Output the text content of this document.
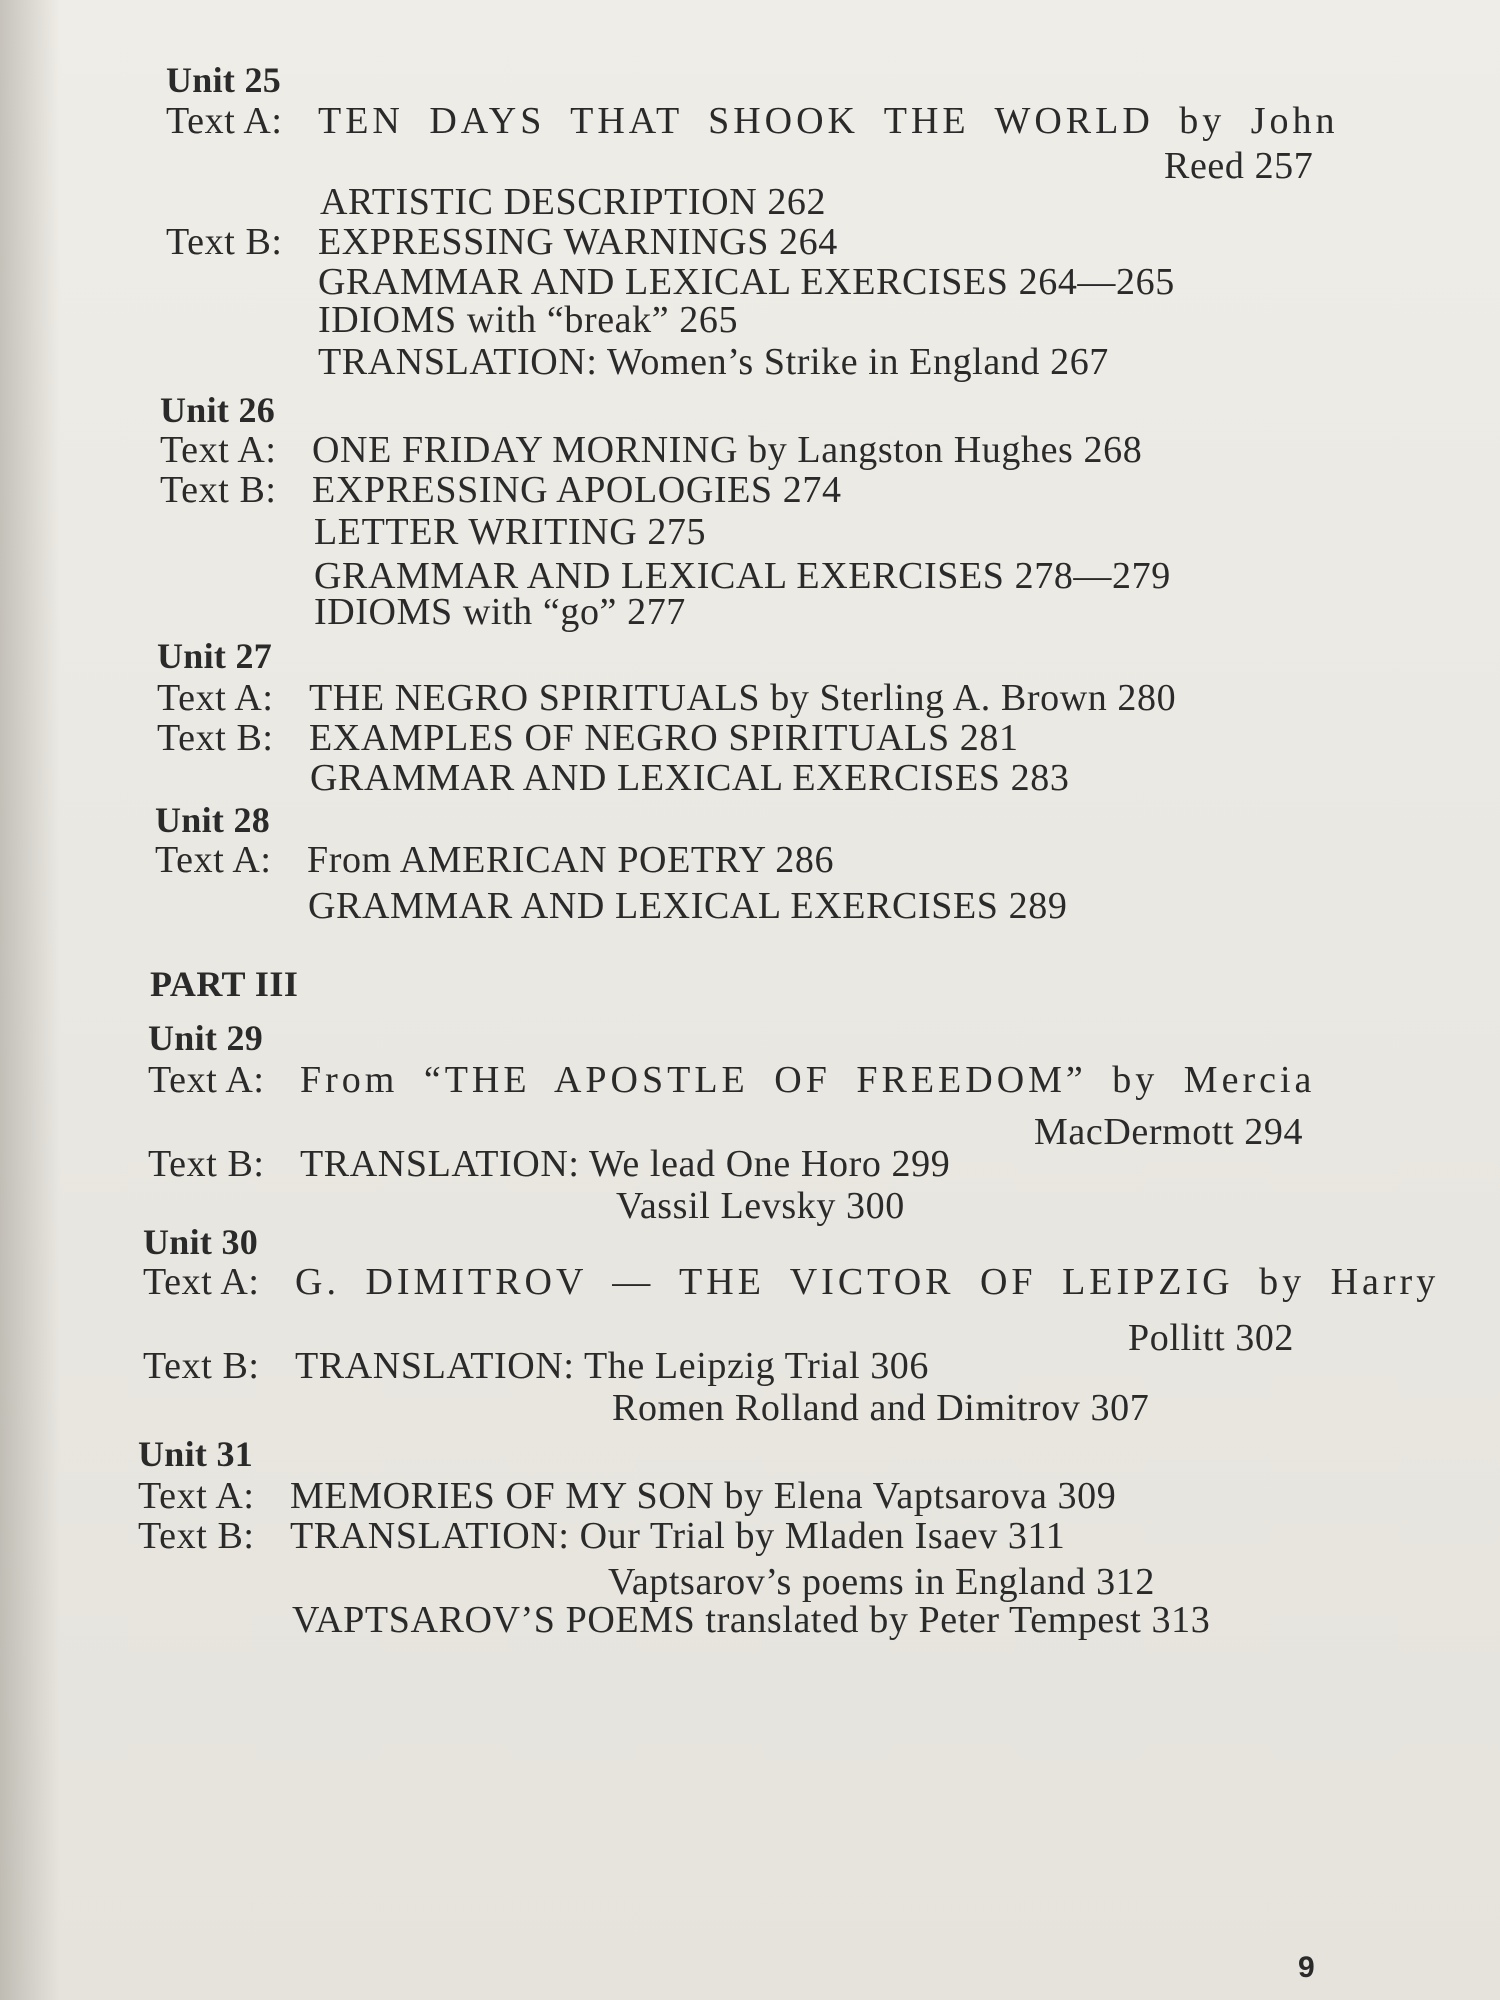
Unit 25
Text A: TEN DAYS THAT SHOOK THE WORLD by John
Reed 257
ARTISTIC DESCRIPTION 262
Text B: EXPRESSING WARNINGS 264
GRAMMAR AND LEXICAL EXERCISES 264—265
IDIOMS with “break” 265
TRANSLATION: Women’s Strike in England 267
Unit 26
Text A: ONE FRIDAY MORNING by Langston Hughes 268
Text B: EXPRESSING APOLOGIES 274
LETTER WRITING 275
GRAMMAR AND LEXICAL EXERCISES 278—279
IDIOMS with “go” 277
Unit 27
Text A: THE NEGRO SPIRITUALS by Sterling A. Brown 280
Text B: EXAMPLES OF NEGRO SPIRITUALS 281
GRAMMAR AND LEXICAL EXERCISES 283
Unit 28
Text A: From AMERICAN POETRY 286
GRAMMAR AND LEXICAL EXERCISES 289
PART III
Unit 29
Text A: From “THE APOSTLE OF FREEDOM” by Mercia
MacDermott 294
Text B: TRANSLATION: We lead One Horo 299
Vassil Levsky 300
Unit 30
Text A: G. DIMITROV — THE VICTOR OF LEIPZIG by Harry
Pollitt 302
Text B: TRANSLATION: The Leipzig Trial 306
Romen Rolland and Dimitrov 307
Unit 31
Text A: MEMORIES OF MY SON by Elena Vaptsarova 309
Text B: TRANSLATION: Our Trial by Mladen Isaev 311
Vaptsarov’s poems in England 312
VAPTSAROV’S POEMS translated by Peter Tempest 313
9
